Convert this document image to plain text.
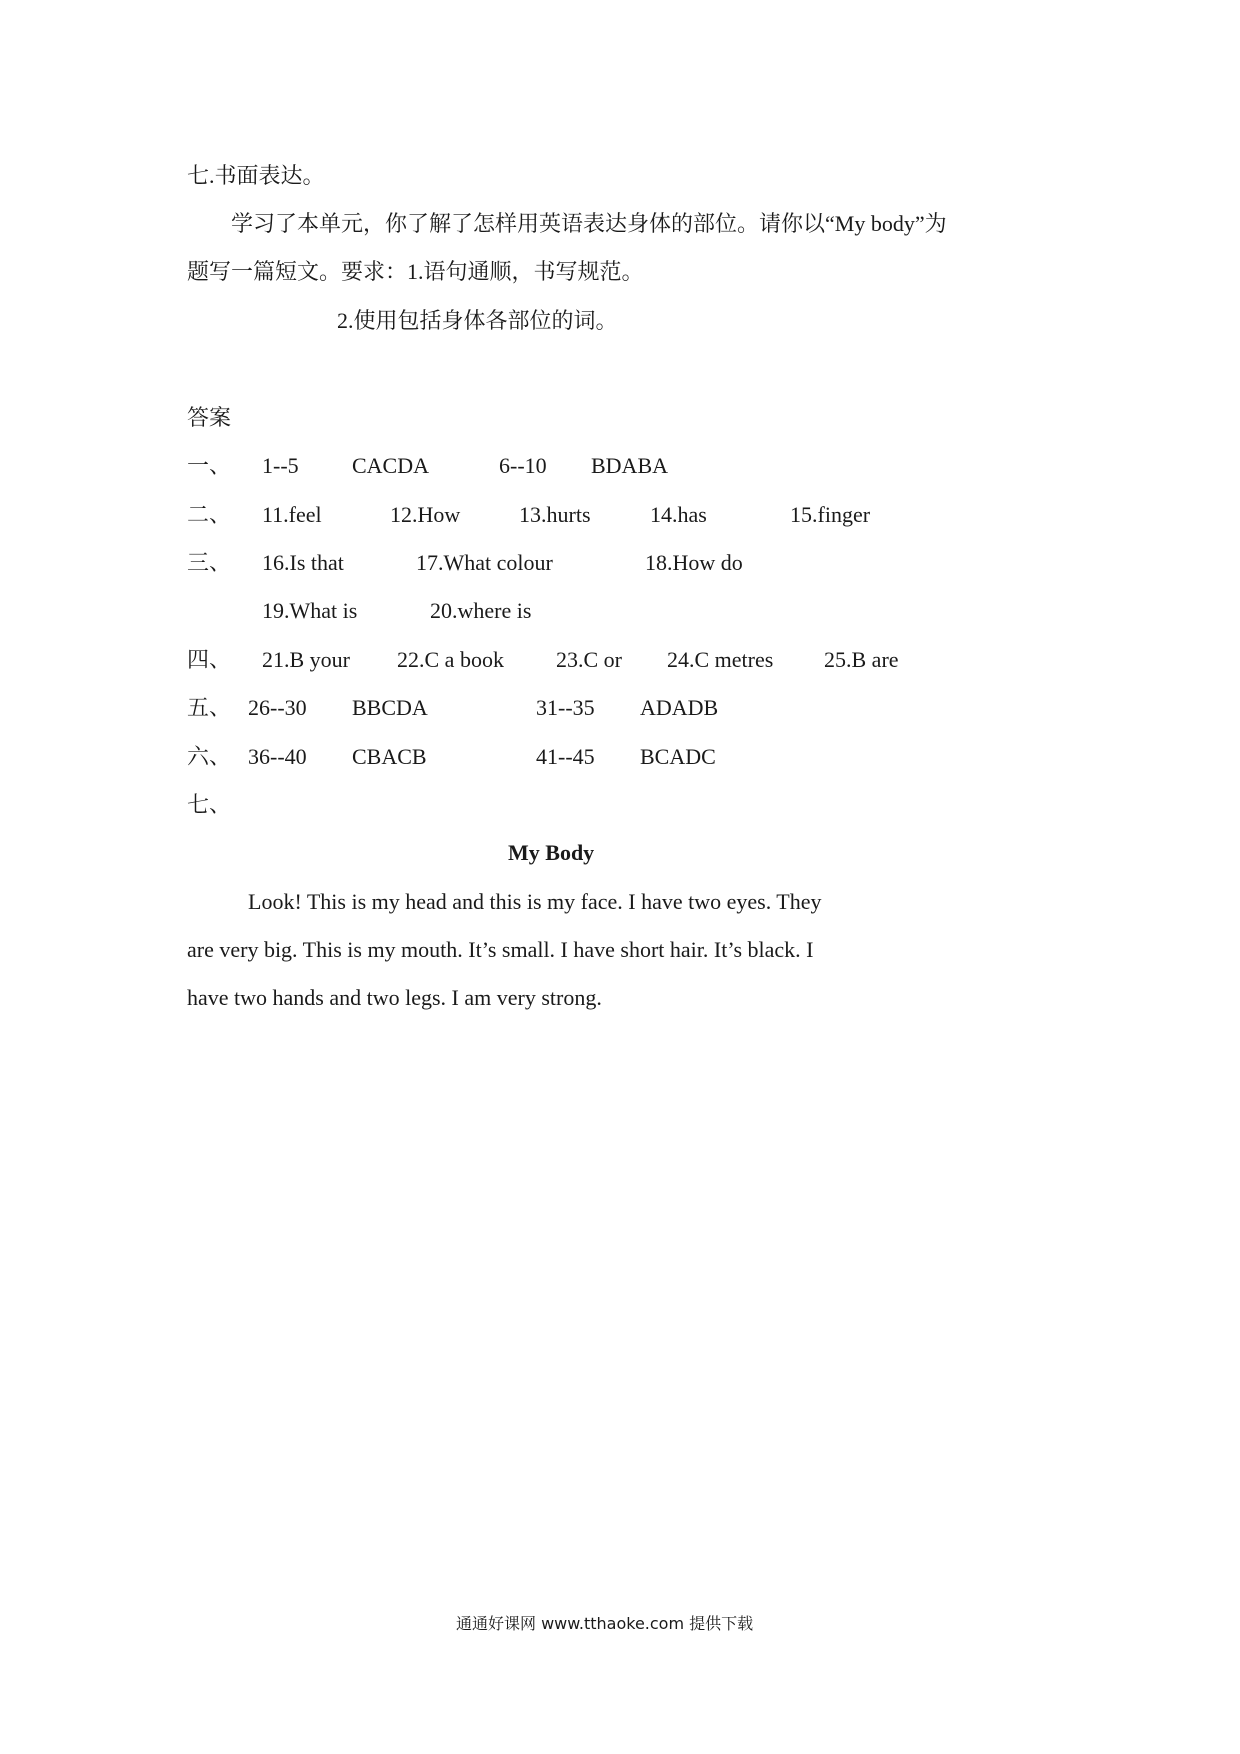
七.书面表达。
学习了本单元，你了解了怎样用英语表达身体的部位。请你以“My body”为
题写一篇短文。要求：1.语句通顺，书写规范。
2.使用包括身体各部位的词。
答案
一、 1--5 CACDA	6--10 BDABA
二、 11.feel	12.How	13.hurts	14.has	15.finger
三、 16.Is that	17.What colour	18.How do
19.What is	20.where is
四、 21.B your 22.C a book 23.C or 24.C metres 25.B are
五、 26--30 BBCDA	31--35 ADADB
六、 36--40 CBACB	41--45 BCADC
七、
My Body
Look! This is my head and this is my face. I have two eyes. They
are very big. This is my mouth. It’s small. I have short hair. It’s black. I
have two hands and two legs. I am very strong.
通通好课网 www.tthaoke.com 提供下载
